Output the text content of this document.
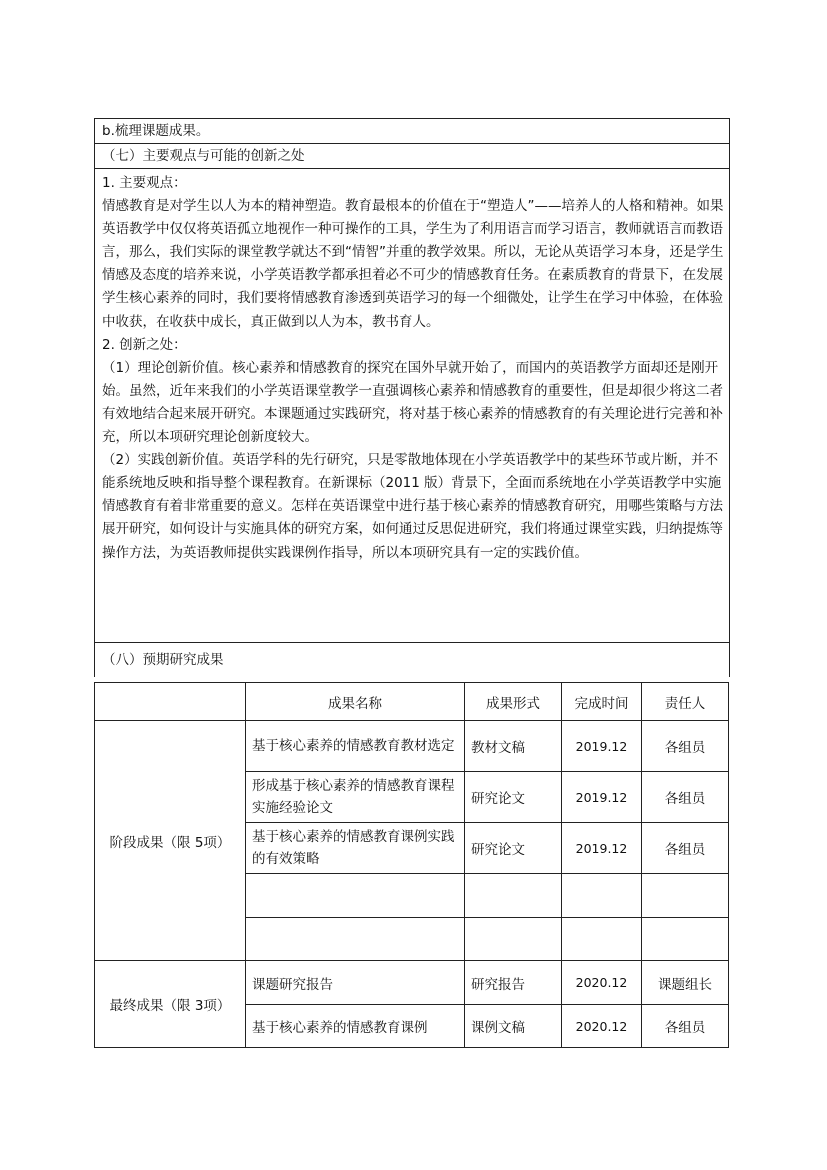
b.梳理课题成果。
（七）主要观点与可能的创新之处
1. 主要观点：
情感教育是对学生以人为本的精神塑造。教育最根本的价值在于“塑造人”——培养人的人格和精神。如果英语教学中仅仅将英语孤立地视作一种可操作的工具，学生为了利用语言而学习语言，教师就语言而教语言，那么，我们实际的课堂教学就达不到“情智”并重的教学效果。所以，无论从英语学习本身，还是学生情感及态度的培养来说，小学英语教学都承担着必不可少的情感教育任务。在素质教育的背景下，在发展学生核心素养的同时，我们要将情感教育渗透到英语学习的每一个细微处，让学生在学习中体验，在体验中收获，在收获中成长，真正做到以人为本，教书育人。
2. 创新之处：
（1）理论创新价值。核心素养和情感教育的探究在国外早就开始了，而国内的英语教学方面却还是刚开始。虽然，近年来我们的小学英语课堂教学一直强调核心素养和情感教育的重要性，但是却很少将这二者有效地结合起来展开研究。本课题通过实践研究，将对基于核心素养的情感教育的有关理论进行完善和补充，所以本项研究理论创新度较大。
（2）实践创新价值。英语学科的先行研究，只是零散地体现在小学英语教学中的某些环节或片断，并不能系统地反映和指导整个课程教育。在新课标（2011 版）背景下，全面而系统地在小学英语教学中实施情感教育有着非常重要的意义。怎样在英语课堂中进行基于核心素养的情感教育研究，用哪些策略与方法展开研究，如何设计与实施具体的研究方案，如何通过反思促进研究，我们将通过课堂实践，归纳提炼等操作方法，为英语教师提供实践课例作指导，所以本项研究具有一定的实践价值。
（八）预期研究成果
	成果名称	成果形式	完成时间	责任人
阶段成果（限 5项）	基于核心素养的情感教育教材选定	教材文稿	2019.12	各组员
	形成基于核心素养的情感教育课程实施经验论文	研究论文	2019.12	各组员
	基于核心素养的情感教育课例实践的有效策略	研究论文	2019.12	各组员

最终成果（限 3项）	课题研究报告	研究报告	2020.12	课题组长
	基于核心素养的情感教育课例	课例文稿	2020.12	各组员
